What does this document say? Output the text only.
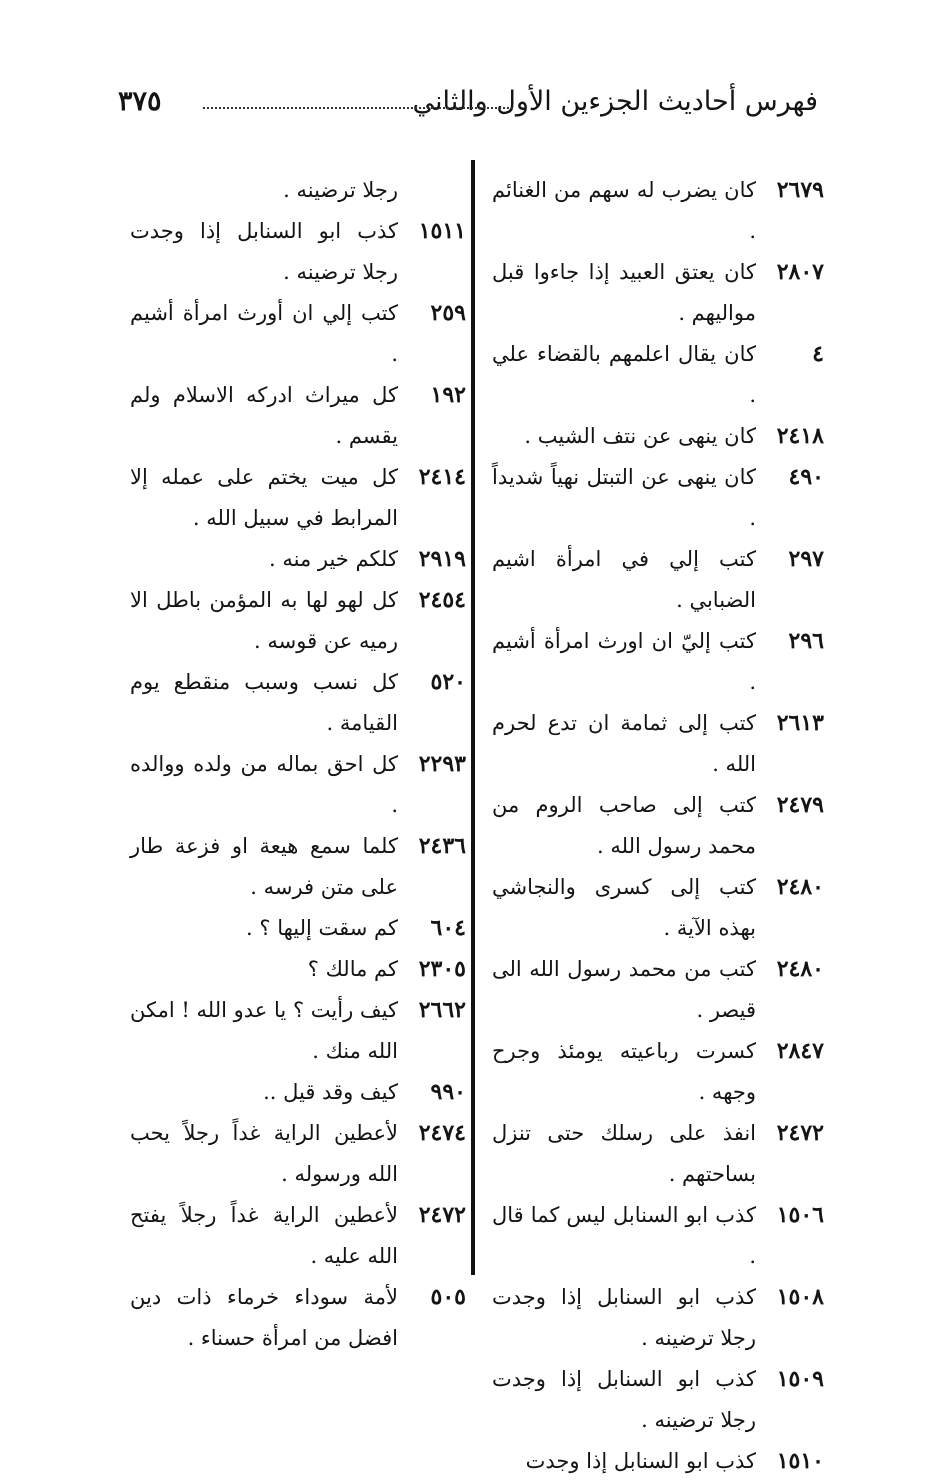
فهرس أحاديث الجزءين الأول والثاني
٣٧٥
٢٦٧٩
كان يضرب له سهم من الغنائم .
٢٨٠٧
كان يعتق العبيد إذا جاءوا قبل مواليهم .
٤
كان يقال اعلمهم بالقضاء علي .
٢٤١٨
كان ينهى عن نتف الشيب .
٤٩٠
كان ينهى عن التبتل نهياً شديداً .
٢٩٧
كتب إلي في امرأة اشيم الضبابي .
٢٩٦
كتب إليّ ان اورث امرأة أشيم .
٢٦١٣
كتب إلى ثمامة ان تدع لحرم الله .
٢٤٧٩
كتب إلى صاحب الروم من محمد رسول الله .
٢٤٨٠
كتب إلى كسرى والنجاشي بهذه الآية .
٢٤٨٠
كتب من محمد رسول الله الى قيصر .
٢٨٤٧
كسرت رباعيته يومئذ وجرح وجهه .
٢٤٧٢
انفذ على رسلك حتى تنزل بساحتهم .
١٥٠٦
كذب ابو السنابل ليس كما قال .
١٥٠٨
كذب ابو السنابل إذا وجدت رجلا ترضينه .
١٥٠٩
كذب ابو السنابل إذا وجدت رجلا ترضينه .
١٥١٠
كذب ابو السنابل إذا وجدت
رجلا ترضينه .
١٥١١
كذب ابو السنابل إذا وجدت رجلا ترضينه .
٢٥٩
كتب إلي ان أورث امرأة أشيم .
١٩٢
كل ميراث ادركه الاسلام ولم يقسم .
٢٤١٤
كل ميت يختم على عمله إلا المرابط في سبيل الله .
٢٩١٩
كلكم خير منه .
٢٤٥٤
كل لهو لها به المؤمن باطل الا رميه عن قوسه .
٥٢٠
كل نسب وسبب منقطع يوم القيامة .
٢٢٩٣
كل احق بماله من ولده ووالده .
٢٤٣٦
كلما سمع هيعة او فزعة طار على متن فرسه .
٦٠٤
كم سقت إليها ؟ .
٢٣٠٥
كم مالك ؟
٢٦٦٢
كيف رأيت ؟ يا عدو الله ! امكن الله منك .
٩٩٠
كيف وقد قيل ..
٢٤٧٤
لأعطين الراية غداً رجلاً يحب الله ورسوله .
٢٤٧٢
لأعطين الراية غداً رجلاً يفتح الله عليه .
٥٠٥
لأمة سوداء خرماء ذات دين افضل من امرأة حسناء .
